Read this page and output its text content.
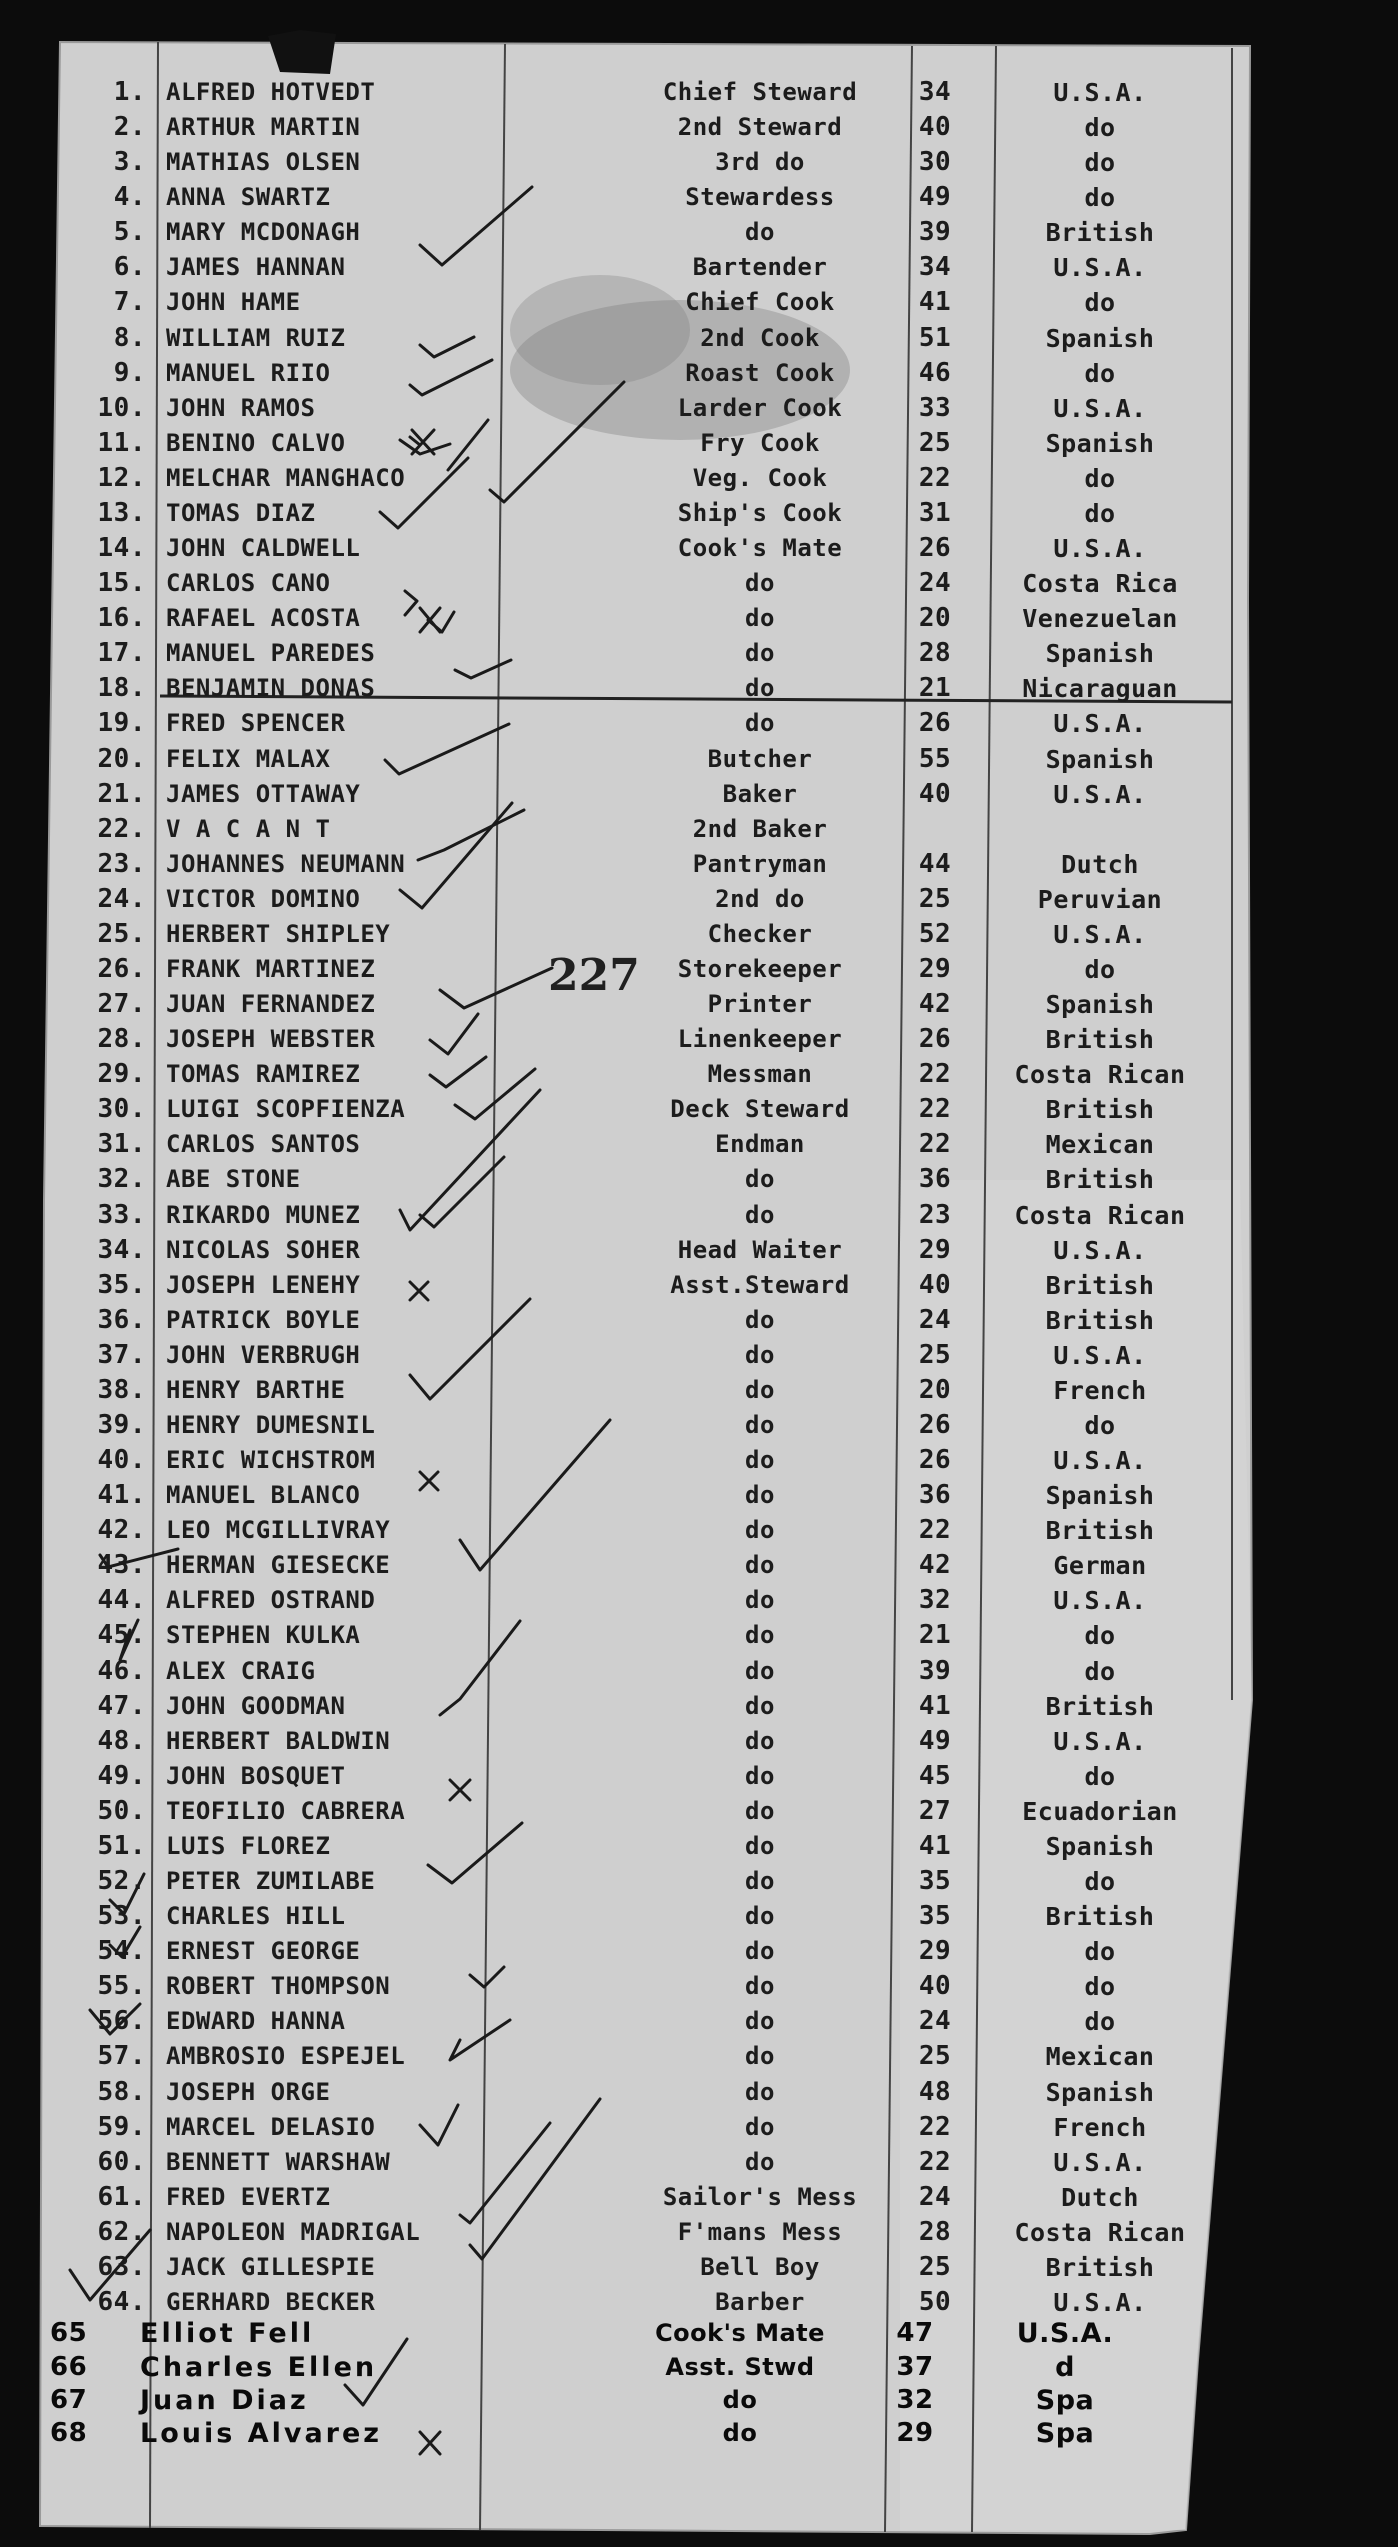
1. ALFRED HOTVEDT	Chief Steward	34	U.S.A.
2. ARTHUR MARTIN	2nd Steward	40	do
3. MATHIAS OLSEN	3rd do	30	do
4. ANNA SWARTZ	Stewardess	49	do
5. MARY MCDONAGH	do	39	British
6. JAMES HANNAN	Bartender	34	U.S.A.
7. JOHN HAME	Chief Cook	41	do
8. WILLIAM RUIZ	2nd Cook	51	Spanish
9. MANUEL RIIO	Roast Cook	46	do
10. JOHN RAMOS	Larder Cook	33	U.S.A.
11. BENINO CALVO	Fry Cook	25	Spanish
12. MELCHAR MANGHACO	Veg. Cook	22	do
13. TOMAS DIAZ	Ship's Cook	31	do
14. JOHN CALDWELL	Cook's Mate	26	U.S.A.
15. CARLOS CANO	do	24	Costa Rica
16. RAFAEL ACOSTA	do	20	Venezuelan
17. MANUEL PAREDES	do	28	Spanish
18. BENJAMIN DONAS	do	21	Nicaraguan
19. FRED SPENCER	do	26	U.S.A.
20. FELIX MALAX	Butcher	55	Spanish
21. JAMES OTTAWAY	Baker	40	U.S.A.
22. V A C A N T	2nd Baker
23. JOHANNES NEUMANN	Pantryman	44	Dutch
24. VICTOR DOMINO	2nd do	25	Peruvian
25. HERBERT SHIPLEY	Checker	52	U.S.A.
26. FRANK MARTINEZ	Storekeeper	29	do
27. JUAN FERNANDEZ	Printer	42	Spanish
28. JOSEPH WEBSTER	Linenkeeper	26	British
29. TOMAS RAMIREZ	Messman	22	Costa Rican
30. LUIGI SCOPFIENZA	Deck Steward	22	British
31. CARLOS SANTOS	Endman	22	Mexican
32. ABE STONE	do	36	British
33. RIKARDO MUNEZ	do	23	Costa Rican
34. NICOLAS SOHER	Head Waiter	29	U.S.A.
35. JOSEPH LENEHY	Asst.Steward	40	British
36. PATRICK BOYLE	do	24	British
37. JOHN VERBRUGH	do	25	U.S.A.
38. HENRY BARTHE	do	20	French
39. HENRY DUMESNIL	do	26	do
40. ERIC WICHSTROM	do	26	U.S.A.
41. MANUEL BLANCO	do	36	Spanish
42. LEO MCGILLIVRAY	do	22	British
43. HERMAN GIESECKE	do	42	German
44. ALFRED OSTRAND	do	32	U.S.A.
45. STEPHEN KULKA	do	21	do
46. ALEX CRAIG	do	39	do
47. JOHN GOODMAN	do	41	British
48. HERBERT BALDWIN	do	49	U.S.A.
49. JOHN BOSQUET	do	45	do
50. TEOFILIO CABRERA	do	27	Ecuadorian
51. LUIS FLOREZ	do	41	Spanish
52. PETER ZUMILABE	do	35	do
53. CHARLES HILL	do	35	British
54. ERNEST GEORGE	do	29	do
55. ROBERT THOMPSON	do	40	do
56. EDWARD HANNA	do	24	do
57. AMBROSIO ESPEJEL	do	25	Mexican
58. JOSEPH ORGE	do	48	Spanish
59. MARCEL DELASIO	do	22	French
60. BENNETT WARSHAW	do	22	U.S.A.
61. FRED EVERTZ	Sailor's Mess	24	Dutch
62. NAPOLEON MADRIGAL	F'mans Mess	28	Costa Rican
63. JACK GILLESPIE	Bell Boy	25	British
64. GERHARD BECKER	Barber	50	U.S.A.
65	Elliot Fell	Cook's Mate	47	U.S.A.
66	Charles Ellen	Asst. Stwd	37	d
67	Juan Diaz	do	32	Spa
68	Louis Alvarez	do	29	Spa
227
